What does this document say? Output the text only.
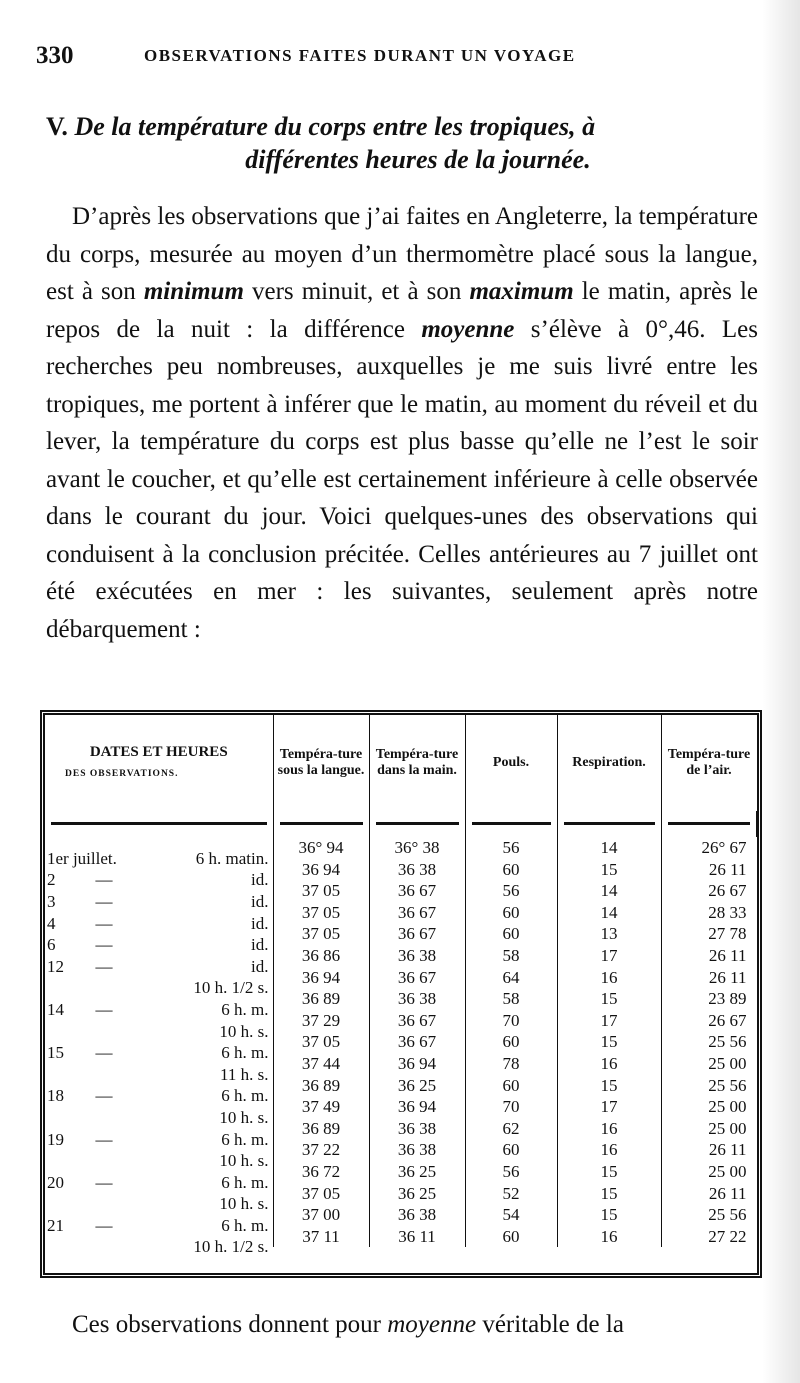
330	OBSERVATIONS FAITES DURANT UN VOYAGE
V. De la température du corps entre les tropiques, à
différentes heures de la journée.

D’après les observations que j’ai faites en Angleterre, la température du corps, mesurée au moyen d’un thermomètre placé sous la langue, est à son minimum vers minuit, et à son maximum le matin, après le repos de la nuit : la différence moyenne s’élève à 0°,46. Les recherches peu nombreuses, auxquelles je me suis livré entre les tropiques, me portent à inférer que le matin, au moment du réveil et du lever, la température du corps est plus basse qu’elle ne l’est le soir avant le coucher, et qu’elle est certainement inférieure à celle observée dans le courant du jour. Voici quelques-unes des observations qui conduisent à la conclusion précitée. Celles antérieures au 7 juillet ont été exécutées en mer : les suivantes, seulement après notre débarquement :

DATES ET HEURES
DES OBSERVATIONS.	Tempéra-ture sous la langue.	Tempéra-ture dans la main.	Pouls.	Respiration.	Tempéra-ture de l’air.

1er juillet. 6 h. matin.	36° 94	36° 38	56	14	26° 67

2 — id.	36 94	36 38	60	15	26 11

3 — id.	37 05	36 67	56	14	26 67

4 — id.	37 05	36 67	60	14	28 33

6 — id.	37 05	36 67	60	13	27 78

12 — id.	36 86	36 38	58	17	26 11

10 h. 1/2 s.	36 94	36 67	64	16	26 11

14 — 6 h. m.	36 89	36 38	58	15	23 89

10 h. s.	37 29	36 67	70	17	26 67

15 — 6 h. m.	37 05	36 67	60	15	25 56

11 h. s.	37 44	36 94	78	16	25 00

18 — 6 h. m.	36 89	36 25	60	15	25 56

10 h. s.	37 49	36 94	70	17	25 00

19 — 6 h. m.	36 89	36 38	62	16	25 00

10 h. s.	37 22	36 38	60	16	26 11

20 — 6 h. m.	36 72	36 25	56	15	25 00

10 h. s.	37 05	36 25	52	15	26 11

21 — 6 h. m.	37 00	36 38	54	15	25 56

10 h. 1/2 s.	37 11	36 11	60	16	27 22
Ces observations donnent pour moyenne véritable de la
